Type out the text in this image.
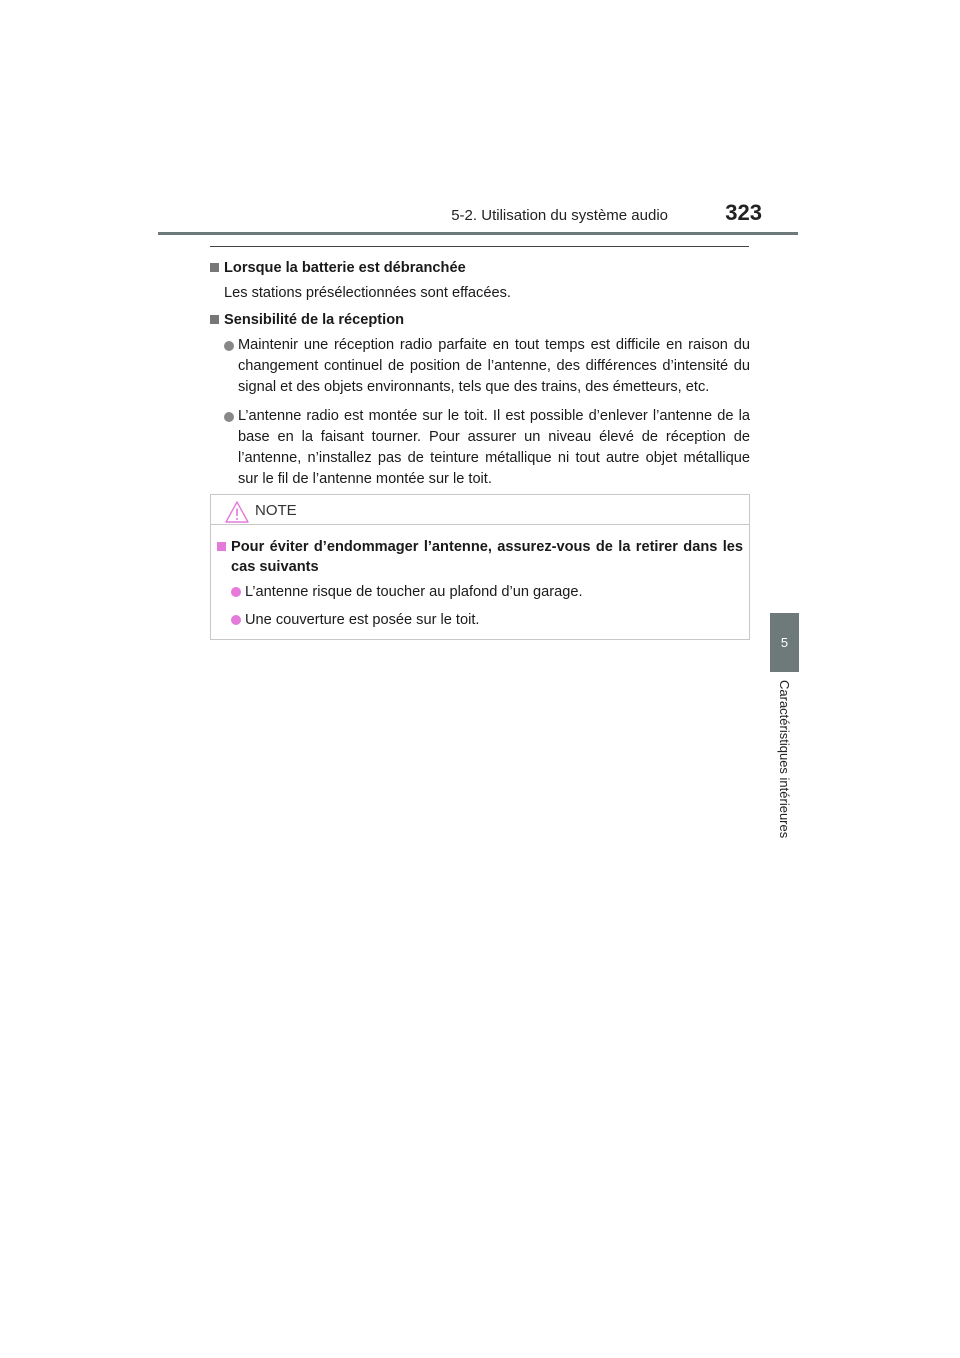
5-2. Utilisation du système audio	323
5
Caractéristiques intérieures
Lorsque la batterie est débranchée
Les stations présélectionnées sont effacées.
Sensibilité de la réception
Maintenir une réception radio parfaite en tout temps est difficile en raison du changement continuel de position de l’antenne, des différences d’intensité du signal et des objets environnants, tels que des trains, des émetteurs, etc.
L’antenne radio est montée sur le toit. Il est possible d’enlever l’antenne de la base en la faisant tourner. Pour assurer un niveau élevé de réception de l’antenne, n’installez pas de teinture métallique ni tout autre objet métallique sur le fil de l’antenne montée sur le toit.
NOTE
Pour éviter d’endommager l’antenne, assurez-vous de la retirer dans les cas suivants
L’antenne risque de toucher au plafond d’un garage.
Une couverture est posée sur le toit.
